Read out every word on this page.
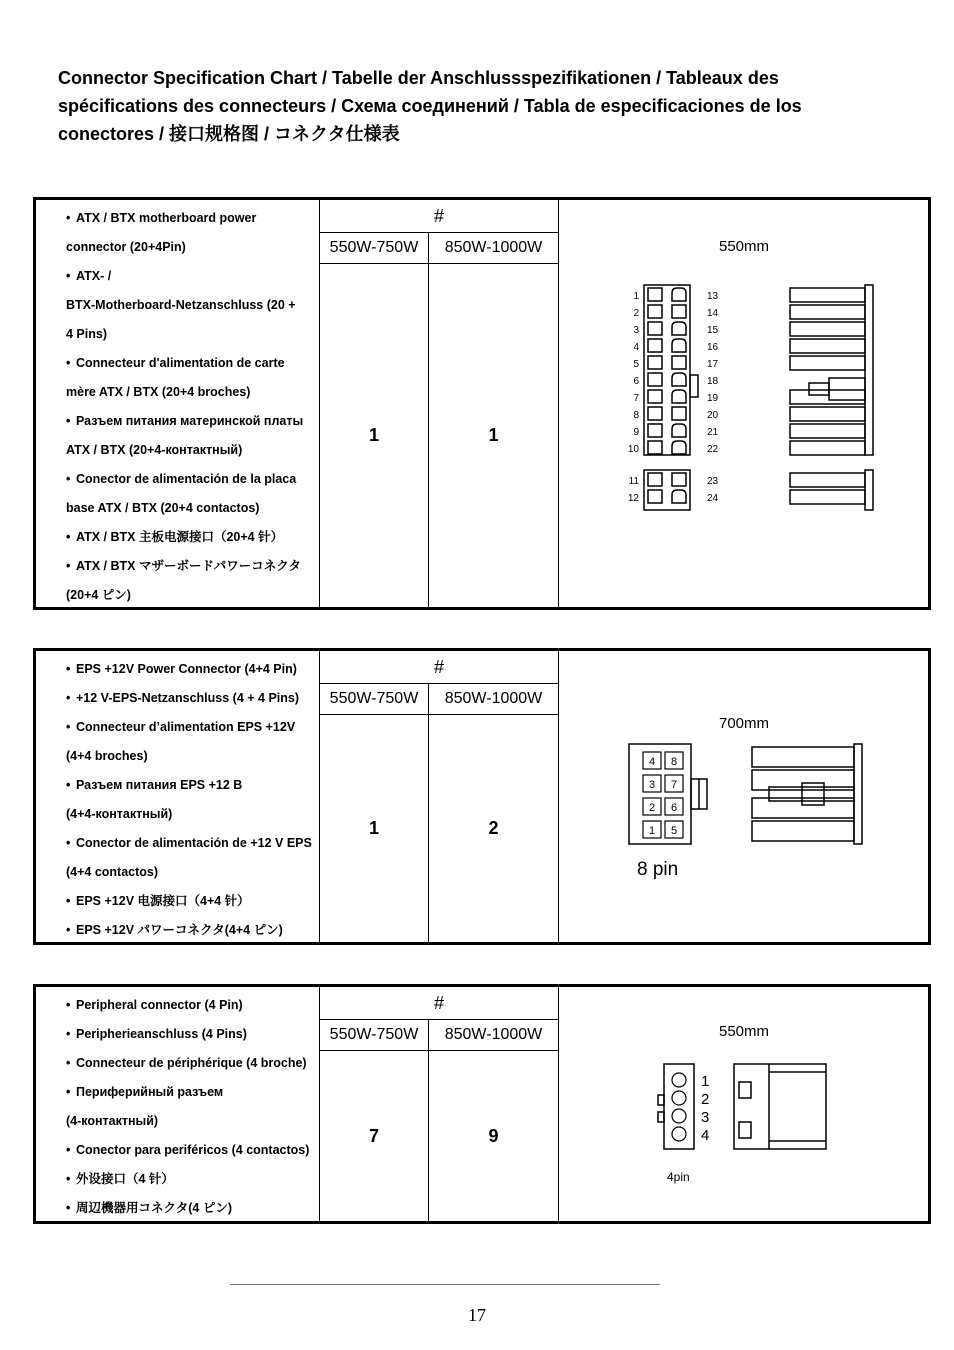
Connector Specification Chart / Tabelle der Anschlussspezifikationen / Tableaux des spécifications des connecteurs / Схема соединений / Tabla de especificaciones de los conectores / 接口规格图 / コネクタ仕様表
• ATX / BTX motherboard power
connector (20+4Pin)
• ATX- /
BTX-Motherboard-Netzanschluss (20 +
4 Pins)
• Connecteur d'alimentation de carte
mère ATX / BTX (20+4 broches)
• Разъем питания материнской платы
ATX / BTX (20+4-контактный)
• Conector de alimentación de la placa
base ATX / BTX (20+4 contactos)
• ATX / BTX 主板电源接口（20+4 针）
• ATX / BTX マザーボードパワーコネクタ
(20+4 ピン)
#
550W-750W	850W-1000W
1	1
550mm
1	13
2	14
3	15
4	16
5	17
6	18
7	19
8	20
9	21
10	22
11	23
12	24
• EPS +12V Power Connector (4+4 Pin)
• +12 V-EPS-Netzanschluss (4 + 4 Pins)
• Connecteur d’alimentation EPS +12V
(4+4 broches)
• Разъем питания EPS +12 В
(4+4-контактный)
• Conector de alimentación de +12 V EPS
(4+4 contactos)
• EPS +12V 电源接口（4+4 针）
• EPS +12V パワーコネクタ(4+4 ピン)
#
550W-750W	850W-1000W
1	2
700mm
8 pin
4 8
3 7
2 6
1 5
• Peripheral connector (4 Pin)
• Peripherieanschluss (4 Pins)
• Connecteur de périphérique (4 broche)
• Периферийный разъем
(4-контактный)
• Conector para periféricos (4 contactos)
• 外设接口（4 针）
• 周辺機器用コネクタ(4 ピン)
#
550W-750W	850W-1000W
7	9
550mm
4pin
1
2
3
4
17
